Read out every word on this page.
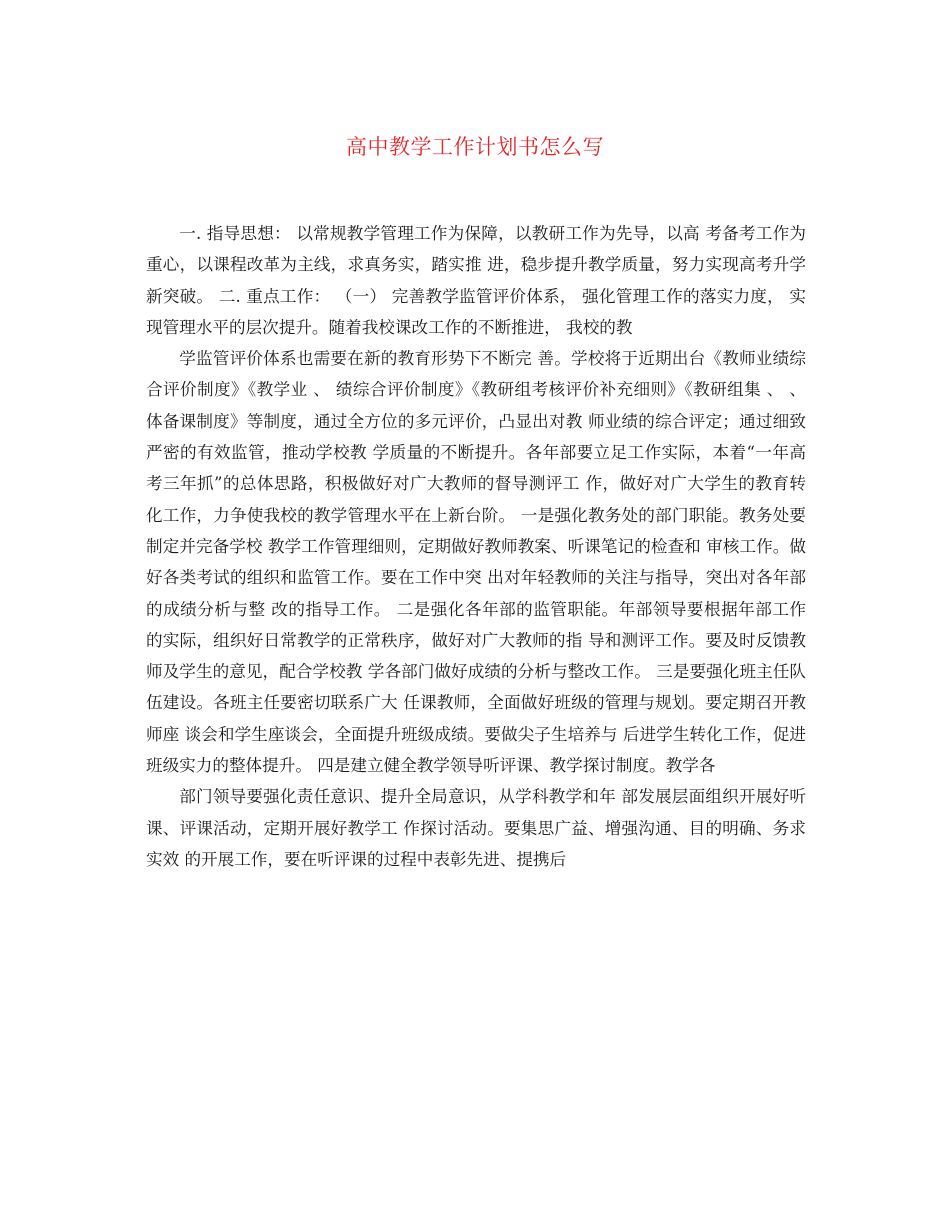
高中教学工作计划书怎么写

一. 指导思想： 以常规教学管理工作为保障，以教研工作为先导，以高 考备考工作为重心，以课程改革为主线，求真务实，踏实推 进，稳步提升教学质量，努力实现高考升学新突破。 二. 重点工作： （一） 完善教学监管评价体系， 强化管理工作的落实力度， 实现管理水平的层次提升。随着我校课改工作的不断推进， 我校的教

学监管评价体系也需要在新的教育形势下不断完 善。学校将于近期出台《教师业绩综合评价制度》《教学业 、 绩综合评价制度》《教研组考核评价补充细则》《教研组集 、 、 体备课制度》等制度，通过全方位的多元评价，凸显出对教 师业绩的综合评定；通过细致严密的有效监管，推动学校教 学质量的不断提升。各年部要立足工作实际，本着“一年高 考三年抓”的总体思路，积极做好对广大教师的督导测评工 作，做好对广大学生的教育转化工作，力争使我校的教学管理水平在上新台阶。 一是强化教务处的部门职能。教务处要制定并完备学校 教学工作管理细则，定期做好教师教案、听课笔记的检查和 审核工作。做好各类考试的组织和监管工作。要在工作中突 出对年轻教师的关注与指导，突出对各年部的成绩分析与整 改的指导工作。 二是强化各年部的监管职能。年部领导要根据年部工作 的实际，组织好日常教学的正常秩序，做好对广大教师的指 导和测评工作。要及时反馈教师及学生的意见，配合学校教 学各部门做好成绩的分析与整改工作。 三是要强化班主任队伍建设。各班主任要密切联系广大 任课教师，全面做好班级的管理与规划。要定期召开教师座 谈会和学生座谈会，全面提升班级成绩。要做尖子生培养与 后进学生转化工作，促进班级实力的整体提升。 四是建立健全教学领导听评课、教学探讨制度。教学各

部门领导要强化责任意识、提升全局意识，从学科教学和年 部发展层面组织开展好听课、评课活动，定期开展好教学工 作探讨活动。要集思广益、增强沟通、目的明确、务求实效 的开展工作，要在听评课的过程中表彰先进、提携后
